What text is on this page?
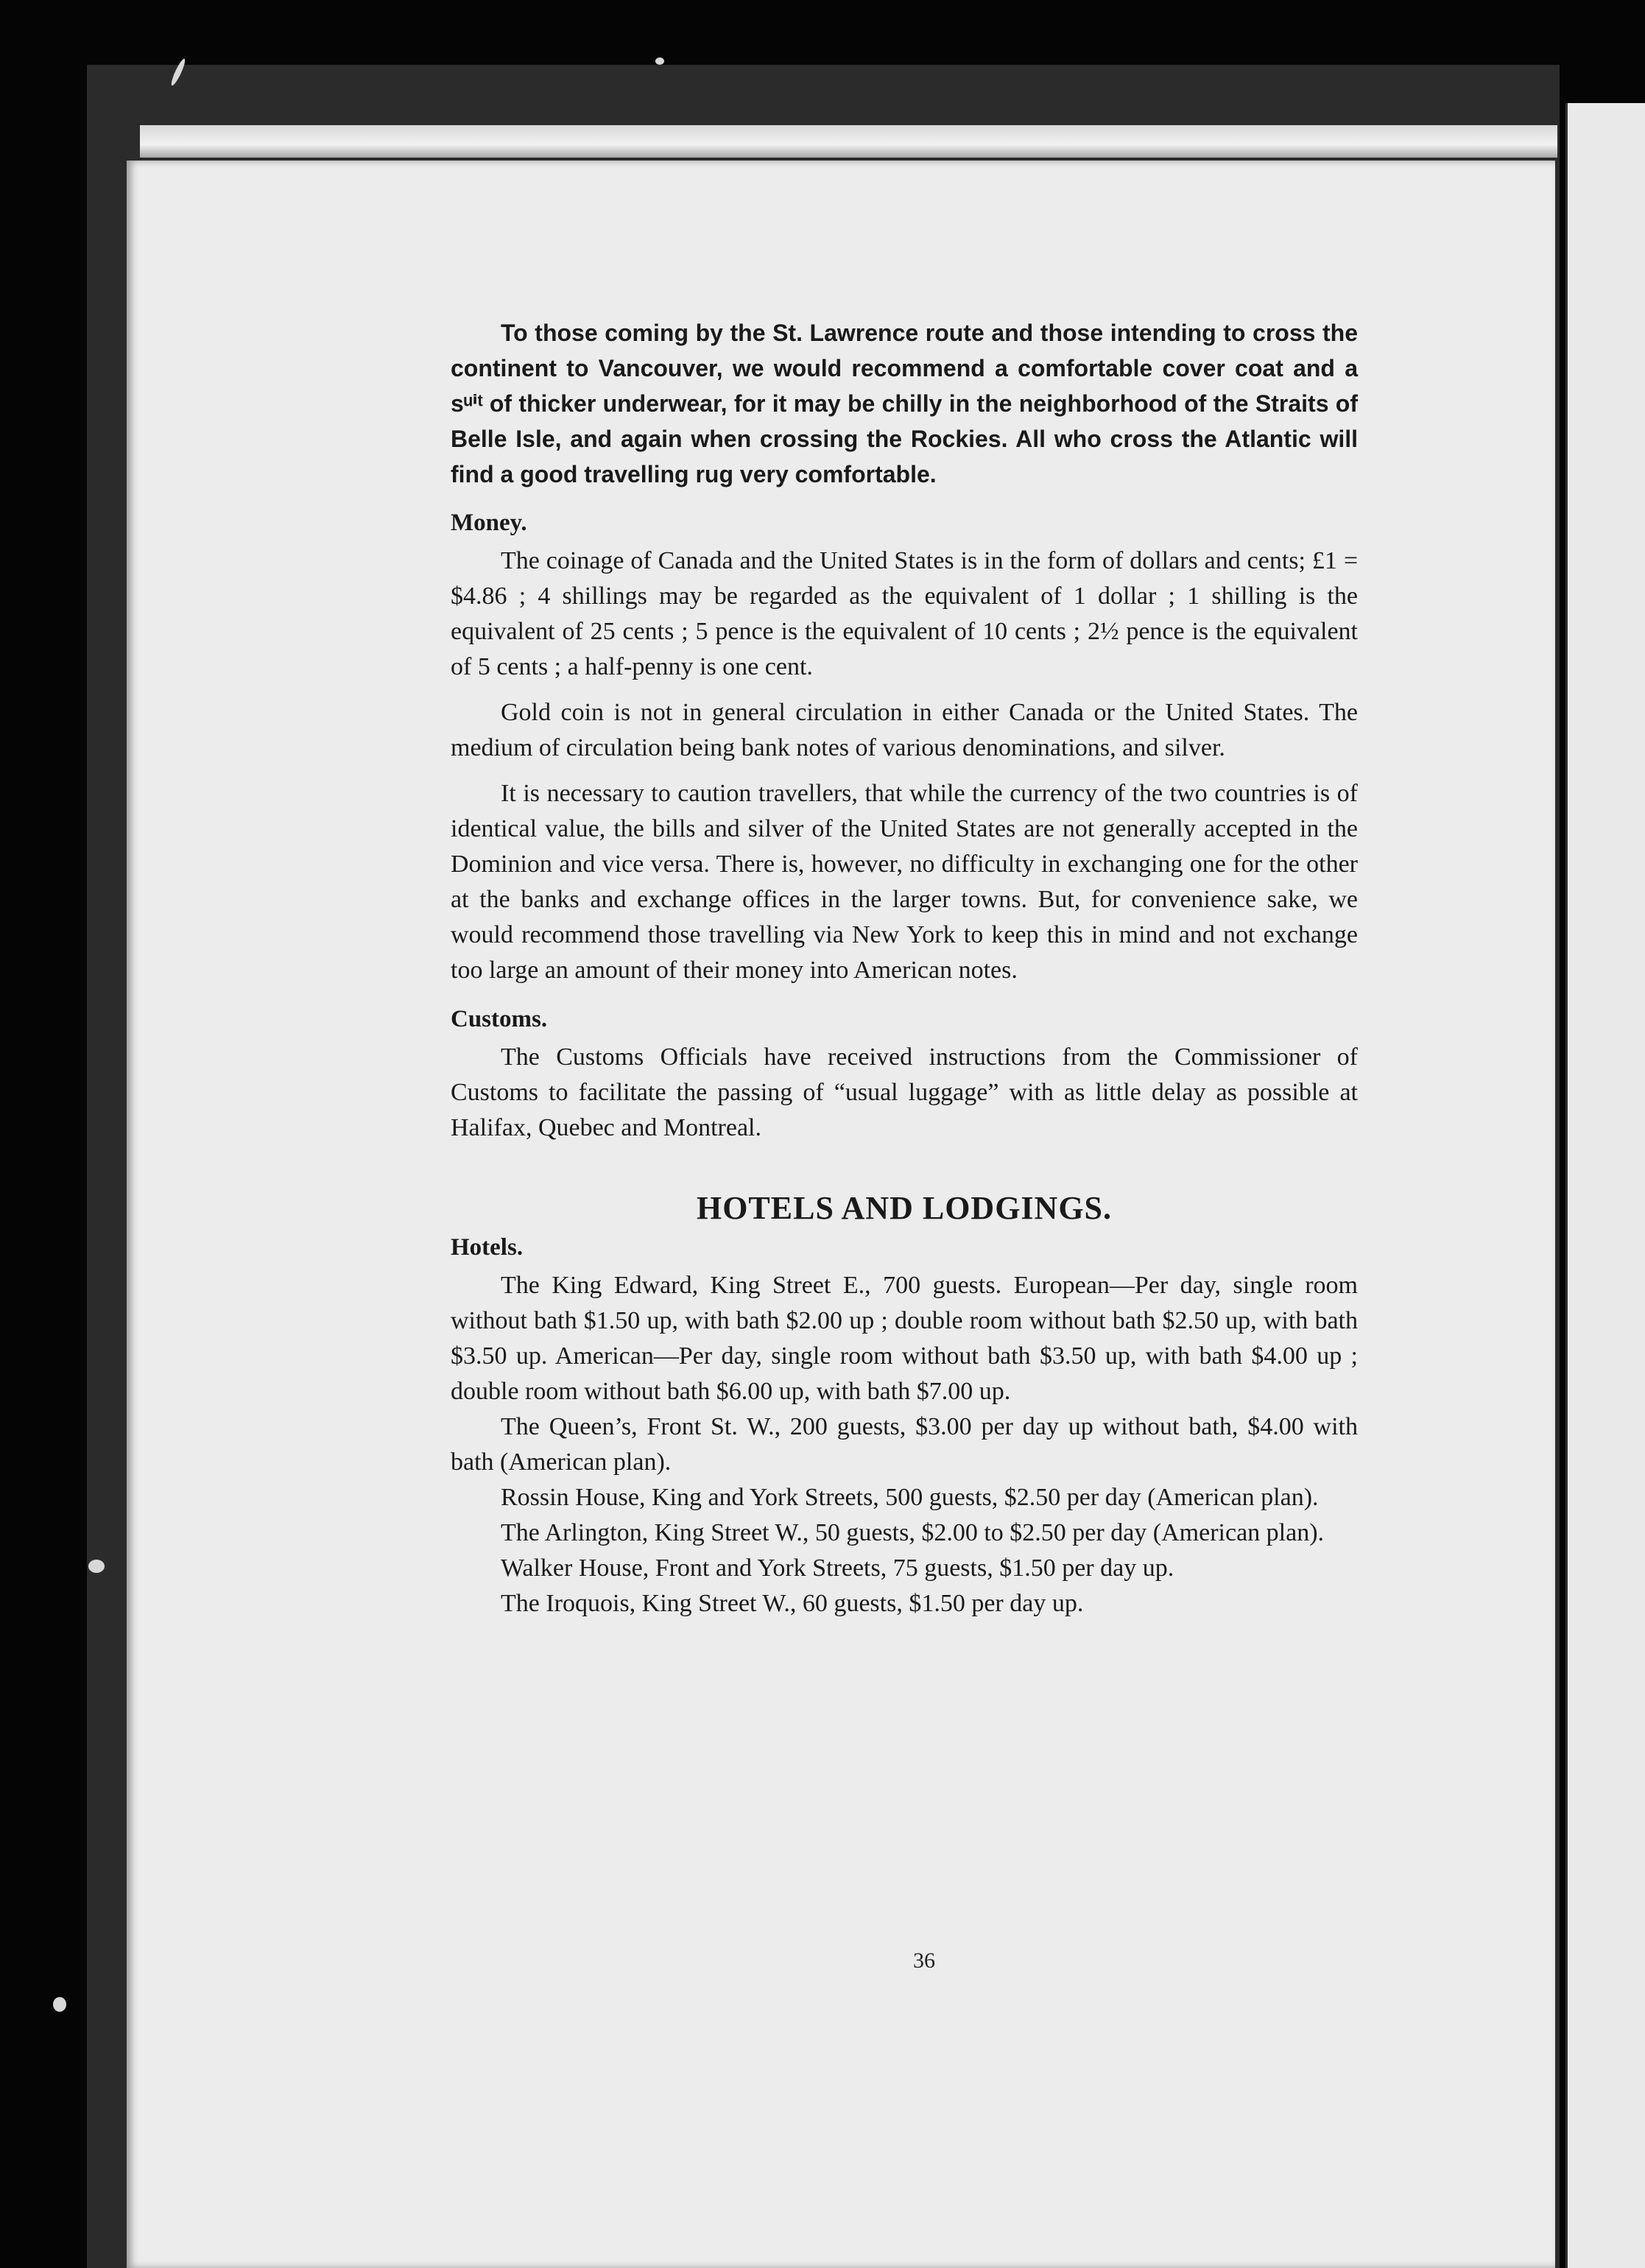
To those coming by the St. Lawrence route and those intending to cross the continent to Vancouver, we would recommend a comfortable cover coat and a sᵘⁱᵗ of thicker underwear, for it may be chilly in the neighborhood of the Straits of Belle Isle, and again when crossing the Rockies. All who cross the Atlantic will find a good travelling rug very comfortable.

Money.

The coinage of Canada and the United States is in the form of dollars and cents; £1 = $4.86 ; 4 shillings may be regarded as the equivalent of 1 dollar ; 1 shilling is the equivalent of 25 cents ; 5 pence is the equivalent of 10 cents ; 2½ pence is the equivalent of 5 cents ; a half-penny is one cent.

Gold coin is not in general circulation in either Canada or the United States. The medium of circulation being bank notes of various denominations, and silver.

It is necessary to caution travellers, that while the currency of the two countries is of identical value, the bills and silver of the United States are not generally accepted in the Dominion and vice versa. There is, however, no difficulty in exchanging one for the other at the banks and exchange offices in the larger towns. But, for convenience sake, we would recommend those travelling via New York to keep this in mind and not exchange too large an amount of their money into American notes.

Customs.

The Customs Officials have received instructions from the Commissioner of Customs to facilitate the passing of “usual luggage” with as little delay as possible at Halifax, Quebec and Montreal.

HOTELS AND LODGINGS.
Hotels.

The King Edward, King Street E., 700 guests. European—Per day, single room without bath $1.50 up, with bath $2.00 up ; double room without bath $2.50 up, with bath $3.50 up. American—Per day, single room without bath $3.50 up, with bath $4.00 up ; double room without bath $6.00 up, with bath $7.00 up.

The Queen’s, Front St. W., 200 guests, $3.00 per day up without bath, $4.00 with bath (American plan).

Rossin House, King and York Streets, 500 guests, $2.50 per day (American plan).

The Arlington, King Street W., 50 guests, $2.00 to $2.50 per day (American plan).

Walker House, Front and York Streets, 75 guests, $1.50 per day up.

The Iroquois, King Street W., 60 guests, $1.50 per day up.

36
